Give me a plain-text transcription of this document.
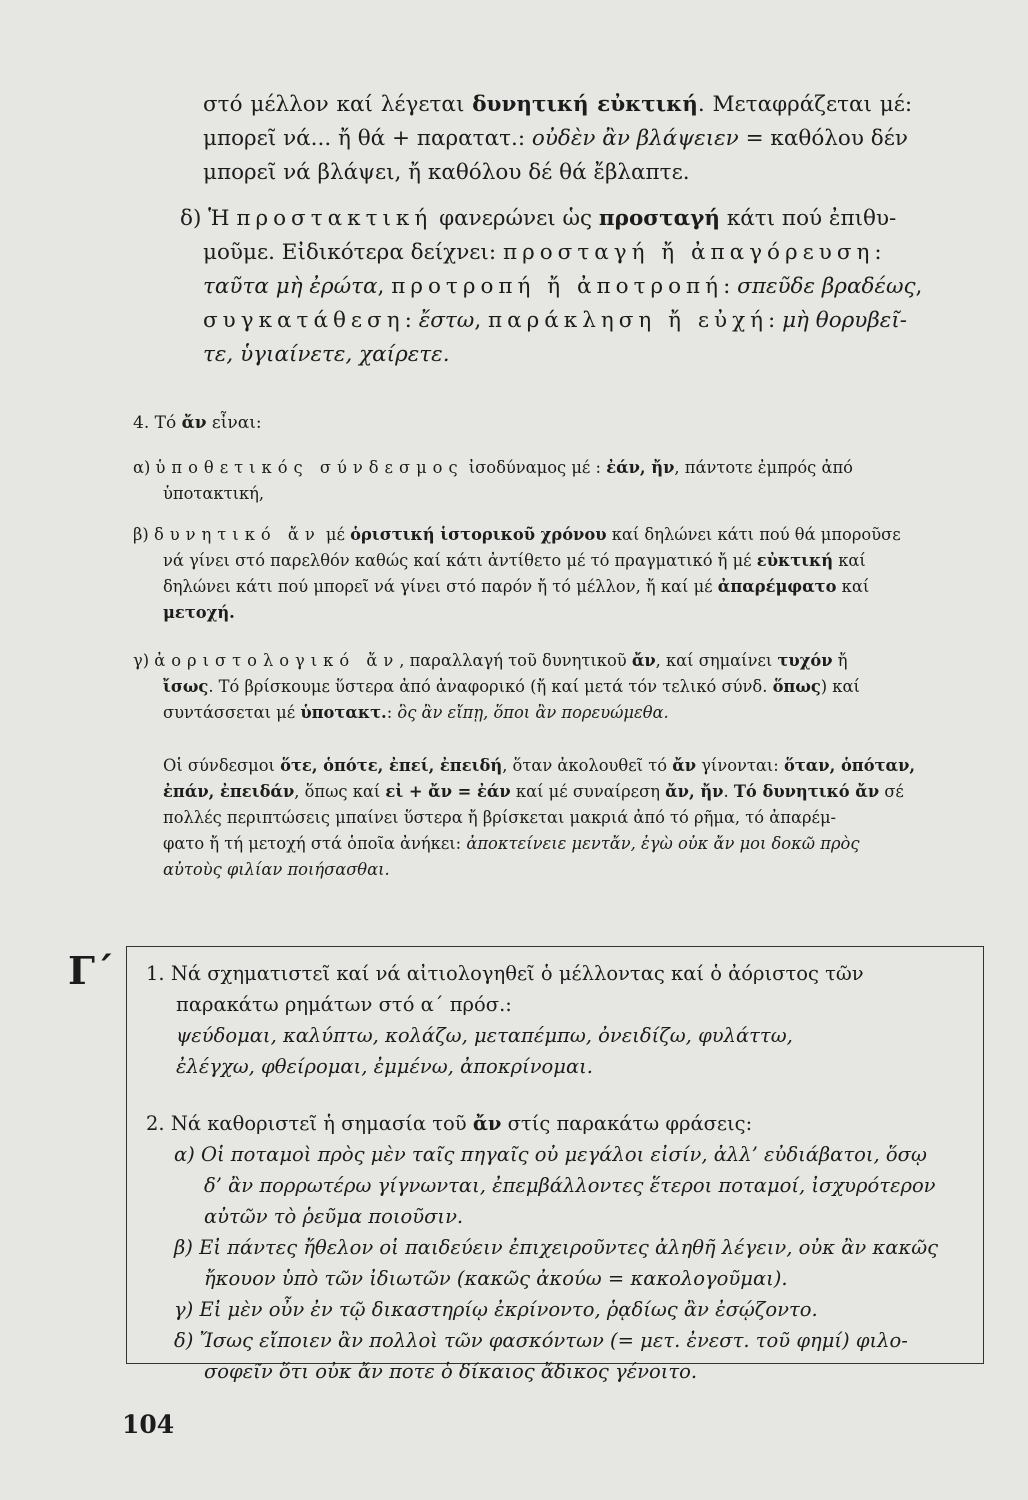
στό μέλλον καί λέγεται δυνητική εὐκτική. Μεταφράζεται μέ:
μπορεῖ νά... ἤ θά + παρατατ.: οὐδὲν ἂν βλάψειεν = καθόλου δέν
μπορεῖ νά βλάψει, ἤ καθόλου δέ θά ἔβλαπτε.
δ) Ἡ προστακτική φανερώνει ὡς προσταγή κάτι πού ἐπιθυ-
μοῦμε. Εἰδικότερα δείχνει: προσταγή ἤ ἀπαγόρευση:
ταῦτα μὴ ἐρώτα, προτροπή ἤ ἀποτροπή: σπεῦδε βραδέως,
συγκατάθεση: ἔστω, παράκληση ἤ εὐχή: μὴ θορυβεῖ-
τε, ὑγιαίνετε, χαίρετε.
4. Τό ἄν εἶναι:
α) ὑποθετικός σύνδεσμος ἰσοδύναμος μέ : ἐάν, ἤν, πάντοτε ἐμπρός ἀπό
ὑποτακτική,
β) δυνητικό ἄν μέ ὁριστική ἱστορικοῦ χρόνου καί δηλώνει κάτι πού θά μποροῦσε
νά γίνει στό παρελθόν καθώς καί κάτι ἀντίθετο μέ τό πραγματικό ἤ μέ εὐκτική καί
δηλώνει κάτι πού μπορεῖ νά γίνει στό παρόν ἤ τό μέλλον, ἤ καί μέ ἀπαρέμφατο καί
μετοχή.
γ) ἀοριστολογικό ἄν, παραλλαγή τοῦ δυνητικοῦ ἄν, καί σημαίνει τυχόν ἤ
ἴσως. Τό βρίσκουμε ὕστερα ἀπό ἀναφορικό (ἤ καί μετά τόν τελικό σύνδ. ὅπως) καί
συντάσσεται μέ ὑποτακτ.: ὃς ἂν εἴπῃ, ὅποι ἂν πορευώμεθα.
Οἱ σύνδεσμοι ὅτε, ὁπότε, ἐπεί, ἐπειδή, ὅταν ἀκολουθεῖ τό ἄν γίνονται: ὅταν, ὁπόταν,
ἐπάν, ἐπειδάν, ὅπως καί εἰ + ἄν = ἐάν καί μέ συναίρεση ἄν, ἤν. Τό δυνητικό ἄν σέ
πολλές περιπτώσεις μπαίνει ὕστερα ἤ βρίσκεται μακριά ἀπό τό ρῆμα, τό ἀπαρέμ-
φατο ἤ τή μετοχή στά ὁποῖα ἀνήκει: ἀποκτείνειε μεντἄν, ἐγὼ οὐκ ἄν μοι δοκῶ πρὸς
αὐτοὺς φιλίαν ποιήσασθαι.
Γ΄ 1. Νά σχηματιστεῖ καί νά αἰτιολογηθεῖ ὁ μέλλοντας καί ὁ ἀόριστος τῶν
παρακάτω ρημάτων στό α΄ πρόσ.:
ψεύδομαι, καλύπτω, κολάζω, μεταπέμπω, ὀνειδίζω, φυλάττω,
ἐλέγχω, φθείρομαι, ἐμμένω, ἀποκρίνομαι.
2. Νά καθοριστεῖ ἡ σημασία τοῦ ἄν στίς παρακάτω φράσεις:
α) Οἱ ποταμοὶ πρὸς μὲν ταῖς πηγαῖς οὐ μεγάλοι εἰσίν, ἀλλ’ εὐδιάβατοι, ὅσῳ
δ’ ἂν πορρωτέρω γίγνωνται, ἐπεμβάλλοντες ἕτεροι ποταμοί, ἰσχυρότερον
αὐτῶν τὸ ῥεῦμα ποιοῦσιν.
β) Εἰ πάντες ἤθελον οἱ παιδεύειν ἐπιχειροῦντες ἀληθῆ λέγειν, οὐκ ἂν κακῶς
ἤκουον ὑπὸ τῶν ἰδιωτῶν (κακῶς ἀκούω = κακολογοῦμαι).
γ) Εἰ μὲν οὖν ἐν τῷ δικαστηρίῳ ἐκρίνοντο, ῥᾳδίως ἂν ἐσῴζοντο.
δ) Ἴσως εἴποιεν ἂν πολλοὶ τῶν φασκόντων (= μετ. ἐνεστ. τοῦ φημί) φιλο-
σοφεῖν ὅτι οὐκ ἄν ποτε ὁ δίκαιος ἄδικος γένοιτο.
104
